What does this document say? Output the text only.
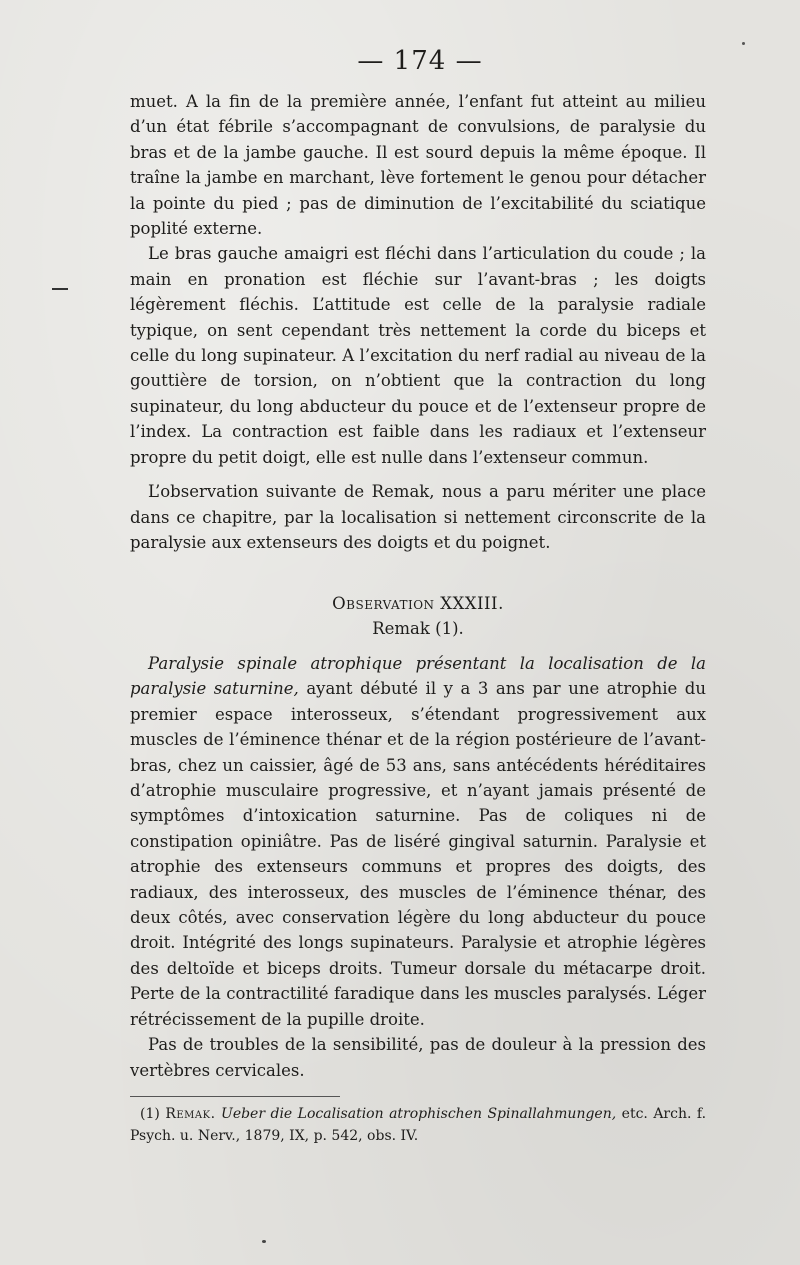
— 174 —

muet. A la fin de la première année, l’enfant fut atteint au milieu d’un état fébrile s’accompagnant de convulsions, de paralysie du bras et de la jambe gauche. Il est sourd depuis la même époque. Il traîne la jambe en marchant, lève fortement le genou pour détacher la pointe du pied ; pas de diminution de l’excitabilité du sciatique poplité externe.

Le bras gauche amaigri est fléchi dans l’articulation du coude ; la main en pronation est fléchie sur l’avant-bras ; les doigts légèrement fléchis. L’attitude est celle de la paralysie radiale typique, on sent cependant très nettement la corde du biceps et celle du long supinateur. A l’excitation du nerf radial au niveau de la gouttière de torsion, on n’obtient que la contraction du long supinateur, du long abducteur du pouce et de l’extenseur propre de l’index. La contraction est faible dans les radiaux et l’extenseur propre du petit doigt, elle est nulle dans l’extenseur commun.

L’observation suivante de Remak, nous a paru mériter une place dans ce chapitre, par la localisation si nettement circonscrite de la paralysie aux extenseurs des doigts et du poignet.

Observation XXXIII.

Remak (1).

Paralysie spinale atrophique présentant la localisation de la paralysie saturnine, ayant débuté il y a 3 ans par une atrophie du premier espace interosseux, s’étendant progressivement aux muscles de l’éminence thénar et de la région postérieure de l’avant-bras, chez un caissier, âgé de 53 ans, sans antécédents héréditaires d’atrophie musculaire progressive, et n’ayant jamais présenté de symptômes d’intoxication saturnine. Pas de coliques ni de constipation opiniâtre. Pas de liséré gingival saturnin. Paralysie et atrophie des extenseurs communs et propres des doigts, des radiaux, des interosseux, des muscles de l’éminence thénar, des deux côtés, avec conservation légère du long abducteur du pouce droit. Intégrité des longs supinateurs. Paralysie et atrophie légères des deltoïde et biceps droits. Tumeur dorsale du métacarpe droit. Perte de la contractilité faradique dans les muscles paralysés. Léger rétrécissement de la pupille droite.

Pas de troubles de la sensibilité, pas de douleur à la pression des vertèbres cervicales.

(1) Remak. Ueber die Localisation atrophischen Spinallahmungen, etc. Arch. f. Psych. u. Nerv., 1879, IX, p. 542, obs. IV.
